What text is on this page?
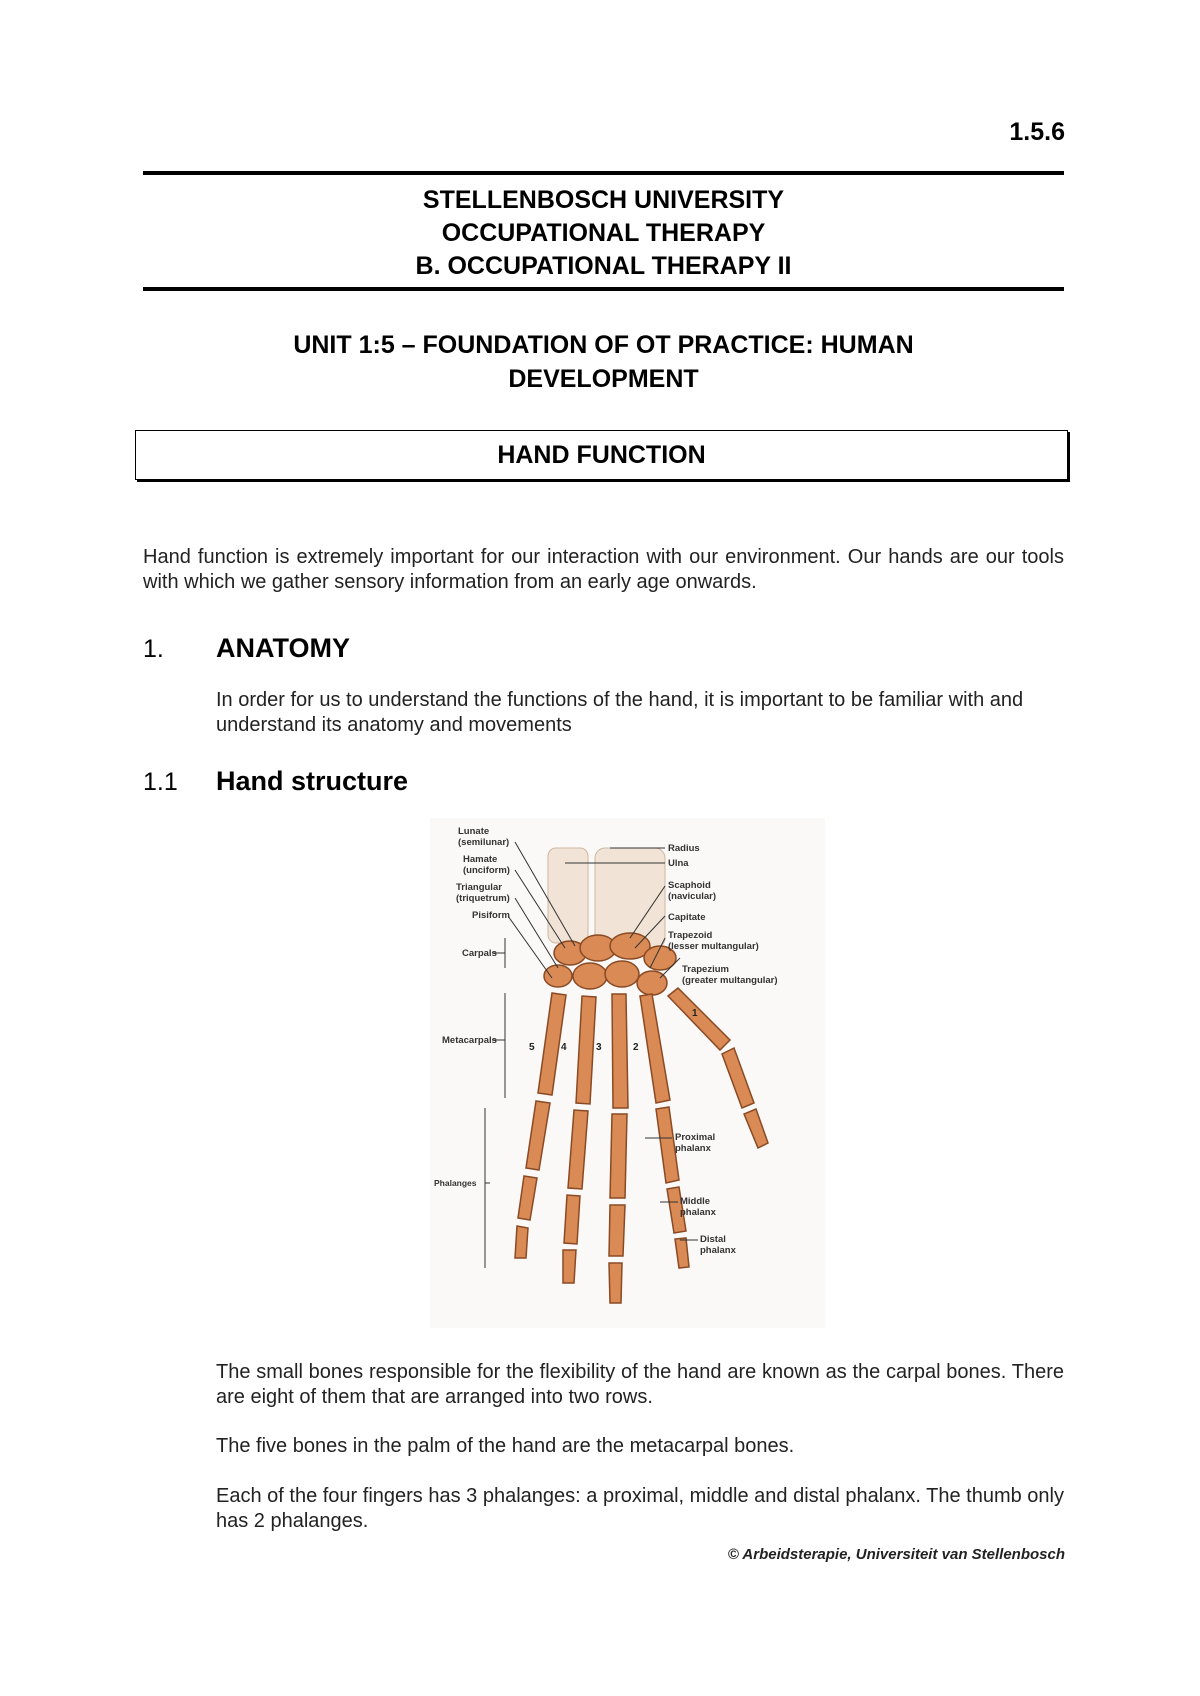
1.5.6
STELLENBOSCH UNIVERSITY
OCCUPATIONAL THERAPY
B. OCCUPATIONAL THERAPY II
UNIT 1:5 – FOUNDATION OF OT PRACTICE: HUMAN
DEVELOPMENT
HAND FUNCTION
Hand function is extremely important for our interaction with our environment. Our hands are our tools with which we gather sensory information from an early age onwards.
1. ANATOMY
In order for us to understand the functions of the hand, it is important to be familiar with and understand its anatomy and movements
1.1 Hand structure
5	4	3	2
1
Lunate
(semilunar)
Hamate
(unciform)
Triangular
(triquetrum)
Pisiform
Carpals
Metacarpals
Phalanges
Radius
Ulna
Scaphoid
(navicular)
Capitate
Trapezoid
(lesser multangular)
Trapezium
(greater multangular)
Proximal
phalanx
Middle
phalanx
Distal
phalanx
The small bones responsible for the flexibility of the hand are known as the carpal bones. There are eight of them that are arranged into two rows.
The five bones in the palm of the hand are the metacarpal bones.
Each of the four fingers has 3 phalanges: a proximal, middle and distal phalanx. The thumb only has 2 phalanges.
© Arbeidsterapie, Universiteit van Stellenbosch
